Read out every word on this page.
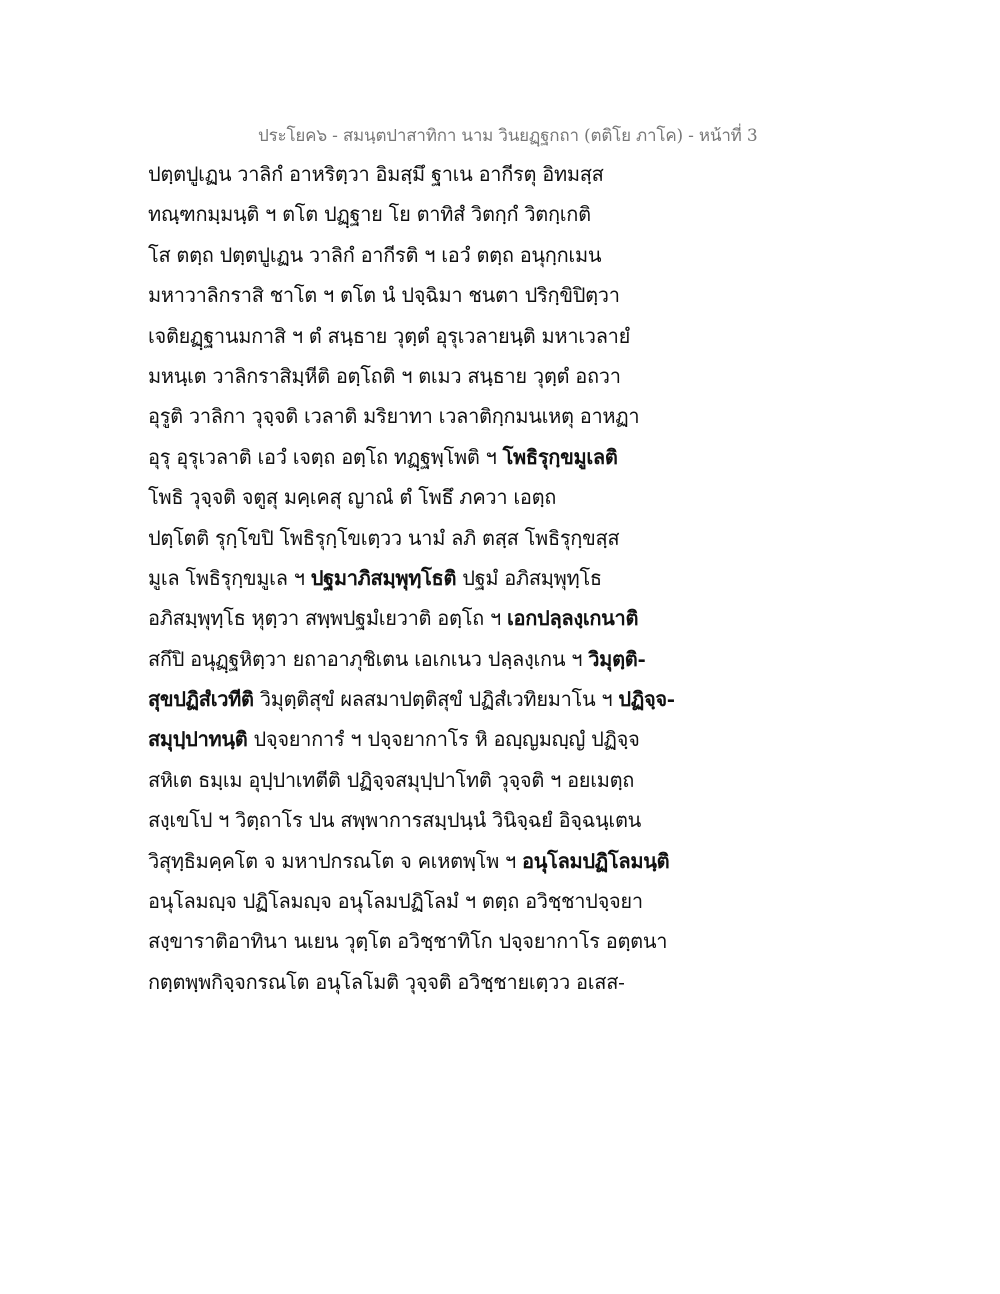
ประโยค๖ - สมนฺตปาสาทิกา นาม วินยฏฺฐกถา (ตติโย ภาโค) - หน้าที่ 3
ปตฺตปูเฏน วาลิกํ อาหริตฺวา อิมสฺมึ ฐาเน อากีรตุ อิทมสฺส
ทณฺฑกมฺมนฺติ ฯ ตโต ปฏฺฐาย โย ตาทิสํ วิตกฺกํ วิตกฺเกติ
โส ตตฺถ ปตฺตปูเฏน วาลิกํ อากีรติ ฯ เอวํ ตตฺถ อนุกฺกเมน
มหาวาลิกราสิ ชาโต ฯ ตโต นํ ปจฺฉิมา ชนตา ปริกฺขิปิตฺวา
เจติยฏฺฐานมกาสิ ฯ ตํ สนฺธาย วุตฺตํ อุรุเวลายนฺติ มหาเวลายํ
มหนฺเต วาลิกราสิมฺหีติ อตฺโถติ ฯ ตเมว สนฺธาย วุตฺตํ อถวา
อุรูติ วาลิกา วุจฺจติ เวลาติ มริยาทา เวลาติกฺกมนเหตุ อาหฏา
อุรุ อุรุเวลาติ เอวํ เจตฺถ อตฺโถ ทฏฺฐพฺโพติ ฯ โพธิรุกฺขมูเลติ
โพธิ วุจฺจติ จตูสุ มคฺเคสุ ญาณํ ตํ โพธึ ภควา เอตฺถ
ปตฺโตติ รุกฺโขปิ โพธิรุกฺโขเตฺวว นามํ ลภิ ตสฺส โพธิรุกฺขสฺส
มูเล โพธิรุกฺขมูเล ฯ ปฐมาภิสมฺพุทฺโธติ ปฐมํ อภิสมฺพุทฺโธ
อภิสมฺพุทฺโธ หุตฺวา สพฺพปฐมํเยวาติ อตฺโถ ฯ เอกปลฺลงฺเกนาติ
สกึปิ อนุฏฺฐหิตฺวา ยถาอาภุชิเตน เอเกเนว ปลฺลงฺเกน ฯ วิมุตฺติ-
สุขปฏิสํเวทีติ วิมุตฺติสุขํ ผลสมาปตฺติสุขํ ปฏิสํเวทิยมาโน ฯ ปฏิจฺจ-
สมุปฺปาทนฺติ ปจฺจยาการํ ฯ ปจฺจยากาโร หิ อญฺญมญฺญํ ปฏิจฺจ
สหิเต ธมฺเม อุปฺปาเทตีติ ปฏิจฺจสมุปฺปาโทติ วุจฺจติ ฯ อยเมตฺถ
สงฺเขโป ฯ วิตฺถาโร ปน สพฺพาการสมฺปนฺนํ วินิจฺฉยํ อิจฺฉนฺเตน
วิสุทฺธิมคฺคโต จ มหาปกรณโต จ คเหตพฺโพ ฯ อนุโลมปฏิโลมนฺติ
อนุโลมญฺจ ปฏิโลมญฺจ อนุโลมปฏิโลมํ ฯ ตตฺถ อวิชฺชาปจฺจยา
สงฺขาราติอาทินา นเยน วุตฺโต อวิชฺชาทิโก ปจฺจยากาโร อตฺตนา
กตฺตพฺพกิจฺจกรณโต อนุโลโมติ วุจฺจติ อวิชฺชายเตฺวว อเสส-
